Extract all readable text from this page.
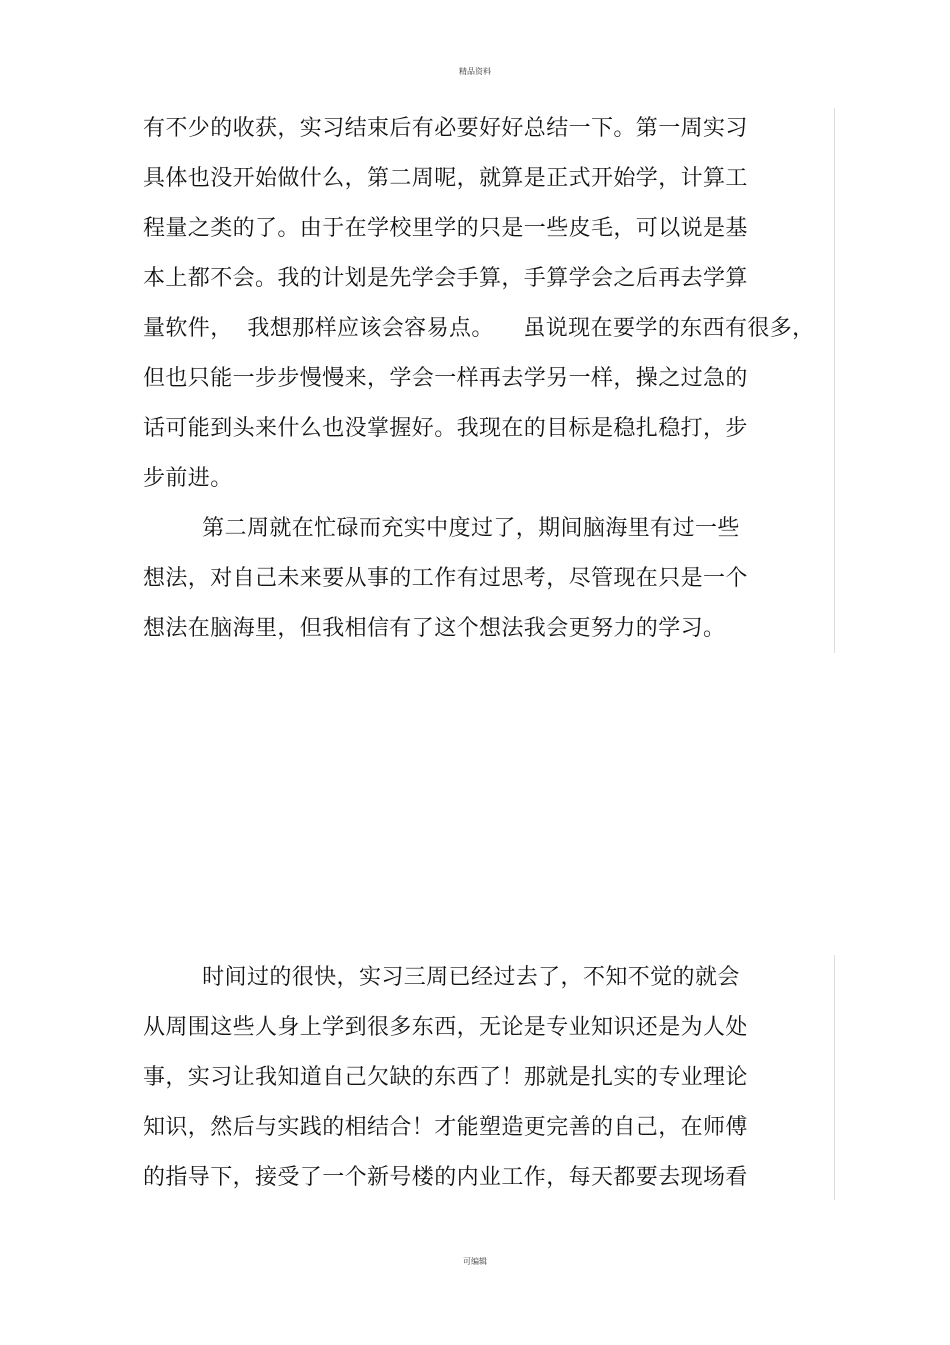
精品资料
有不少的收获，实习结束后有必要好好总结一下。第一周实习
具体也没开始做什么，第二周呢，就算是正式开始学，计算工
程量之类的了。由于在学校里学的只是一些皮毛，可以说是基
本上都不会。我的计划是先学会手算，手算学会之后再去学算
量软件，  我想那样应该会容易点。    虽说现在要学的东西有很多，
但也只能一步步慢慢来，学会一样再去学另一样，操之过急的
话可能到头来什么也没掌握好。我现在的目标是稳扎稳打，步
步前进。
第二周就在忙碌而充实中度过了，期间脑海里有过一些
想法，对自己未来要从事的工作有过思考，尽管现在只是一个
想法在脑海里，但我相信有了这个想法我会更努力的学习。
时间过的很快，实习三周已经过去了，不知不觉的就会
从周围这些人身上学到很多东西，无论是专业知识还是为人处
事，实习让我知道自己欠缺的东西了！那就是扎实的专业理论
知识，然后与实践的相结合！才能塑造更完善的自己，在师傅
的指导下，接受了一个新号楼的内业工作，每天都要去现场看
可编辑
